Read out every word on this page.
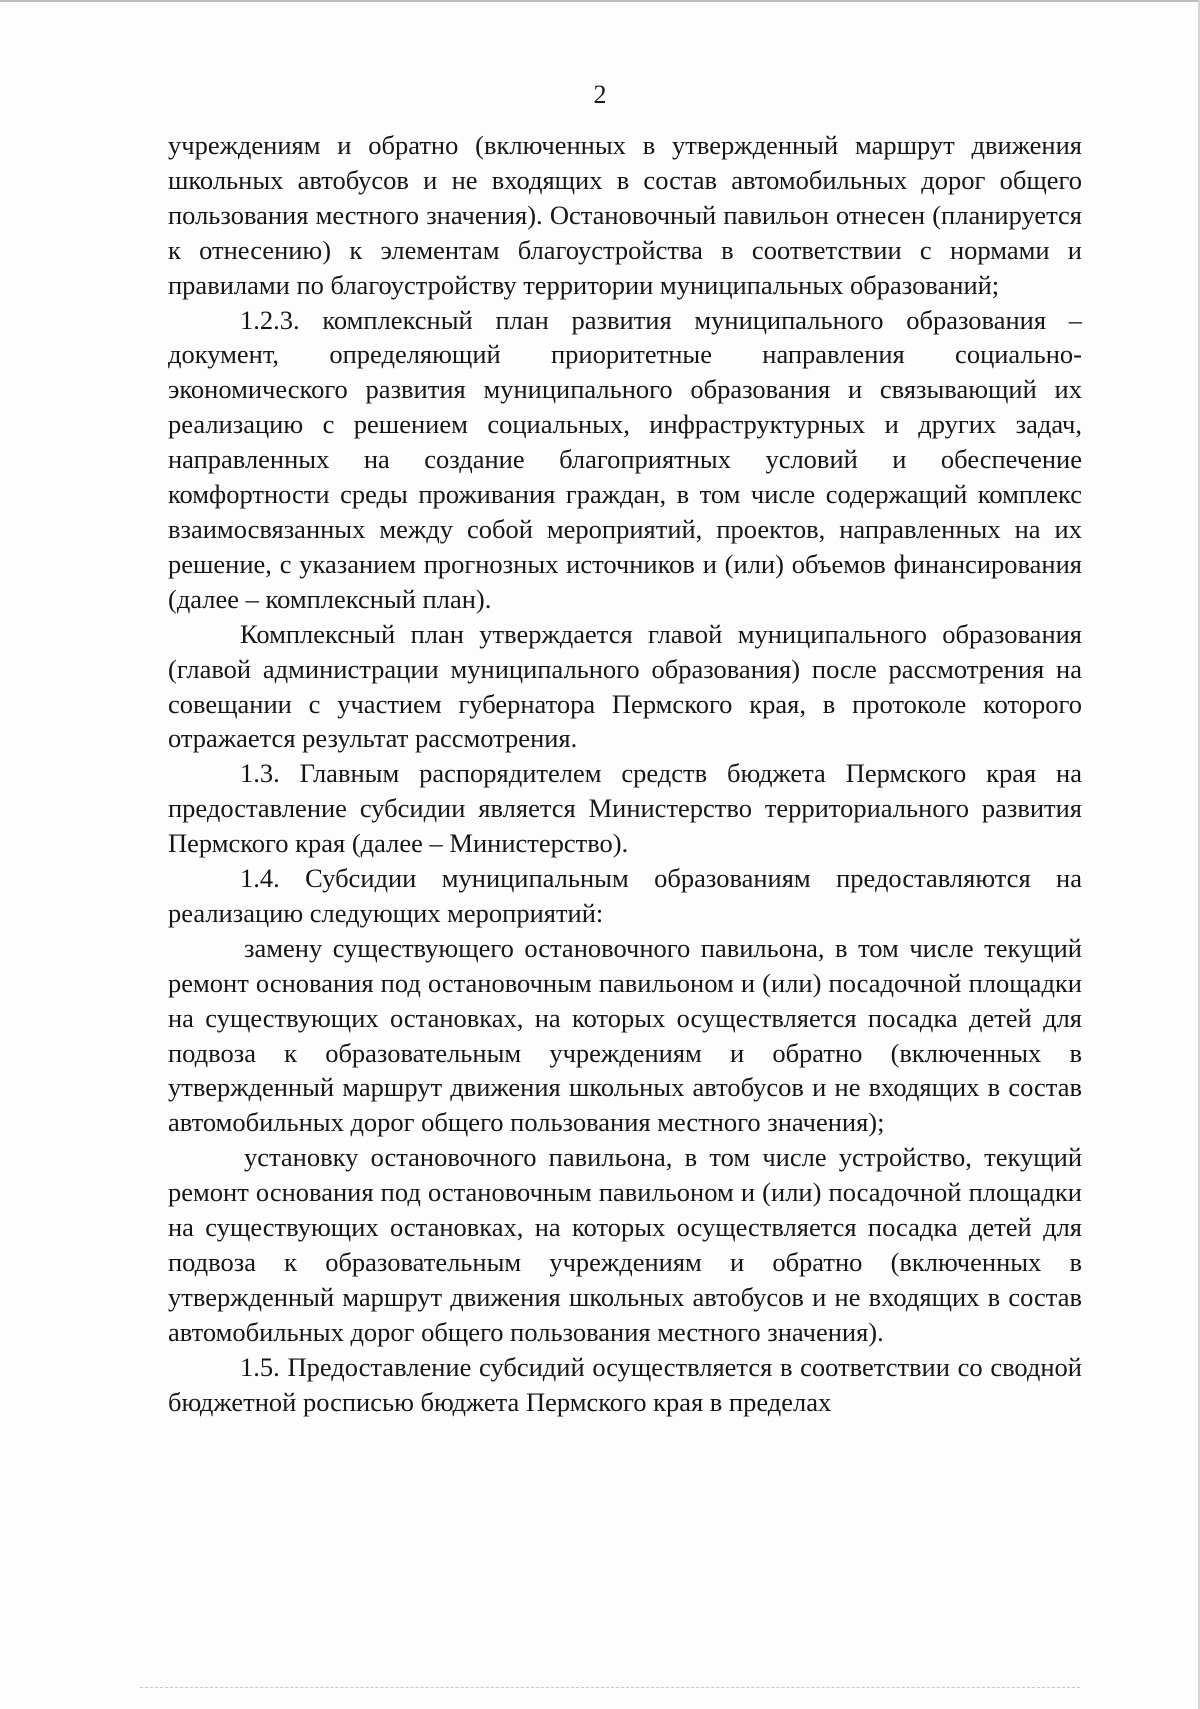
2

учреждениям и обратно (включенных в утвержденный маршрут движения школьных автобусов и не входящих в состав автомобильных дорог общего пользования местного значения). Остановочный павильон отнесен (планируется к отнесению) к элементам благоустройства в соответствии с нормами и правилами по благоустройству территории муниципальных образований;

1.2.3. комплексный план развития муниципального образования – документ, определяющий приоритетные направления социально-экономического развития муниципального образования и связывающий их реализацию с решением социальных, инфраструктурных и других задач, направленных на создание благоприятных условий и обеспечение комфортности среды проживания граждан, в том числе содержащий комплекс взаимосвязанных между собой мероприятий, проектов, направленных на их решение, с указанием прогнозных источников и (или) объемов финансирования (далее – комплексный план).

Комплексный план утверждается главой муниципального образования (главой администрации муниципального образования) после рассмотрения на совещании с участием губернатора Пермского края, в протоколе которого отражается результат рассмотрения.

1.3. Главным распорядителем средств бюджета Пермского края на предоставление субсидии является Министерство территориального развития Пермского края (далее – Министерство).

1.4. Субсидии муниципальным образованиям предоставляются на реализацию следующих мероприятий:

замену существующего остановочного павильона, в том числе текущий ремонт основания под остановочным павильоном и (или) посадочной площадки на существующих остановках, на которых осуществляется посадка детей для подвоза к образовательным учреждениям и обратно (включенных в утвержденный маршрут движения школьных автобусов и не входящих в состав автомобильных дорог общего пользования местного значения);

установку остановочного павильона, в том числе устройство, текущий ремонт основания под остановочным павильоном и (или) посадочной площадки на существующих остановках, на которых осуществляется посадка детей для подвоза к образовательным учреждениям и обратно (включенных в утвержденный маршрут движения школьных автобусов и не входящих в состав автомобильных дорог общего пользования местного значения).

1.5. Предоставление субсидий осуществляется в соответствии со сводной бюджетной росписью бюджета Пермского края в пределах
